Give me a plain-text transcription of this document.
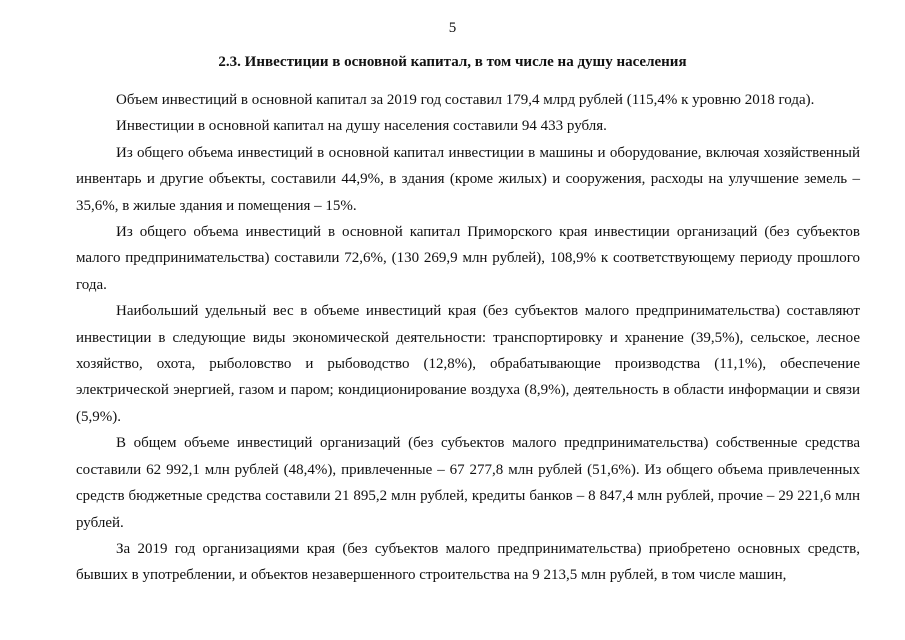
5
2.3. Инвестиции в основной капитал, в том числе на душу населения

Объем инвестиций в основной капитал за 2019 год составил 179,4 млрд рублей (115,4% к уровню 2018 года).

Инвестиции в основной капитал на душу населения составили 94 433 рубля.

Из общего объема инвестиций в основной капитал инвестиции в машины и оборудование, включая хозяйственный инвентарь и другие объекты, составили 44,9%, в здания (кроме жилых) и сооружения, расходы на улучшение земель – 35,6%, в жилые здания и помещения – 15%.

Из общего объема инвестиций в основной капитал Приморского края инвестиции организаций (без субъектов малого предпринимательства) составили 72,6%, (130 269,9 млн рублей), 108,9% к соответствующему периоду прошлого года.

Наибольший удельный вес в объеме инвестиций края (без субъектов малого предпринимательства) составляют инвестиции в следующие виды экономической деятельности: транспортировку и хранение (39,5%), сельское, лесное хозяйство, охота, рыболовство и рыбоводство (12,8%), обрабатывающие производства (11,1%), обеспечение электрической энергией, газом и паром; кондиционирование воздуха (8,9%), деятельность в области информации и связи (5,9%).

В общем объеме инвестиций организаций (без субъектов малого предпринимательства) собственные средства составили 62 992,1 млн рублей (48,4%), привлеченные – 67 277,8 млн рублей (51,6%). Из общего объема привлеченных средств бюджетные средства составили 21 895,2 млн рублей, кредиты банков – 8 847,4 млн рублей, прочие – 29 221,6 млн рублей.

За 2019 год организациями края (без субъектов малого предпринимательства) приобретено основных средств, бывших в употреблении, и объектов незавершенного строительства на 9 213,5 млн рублей, в том числе машин,
